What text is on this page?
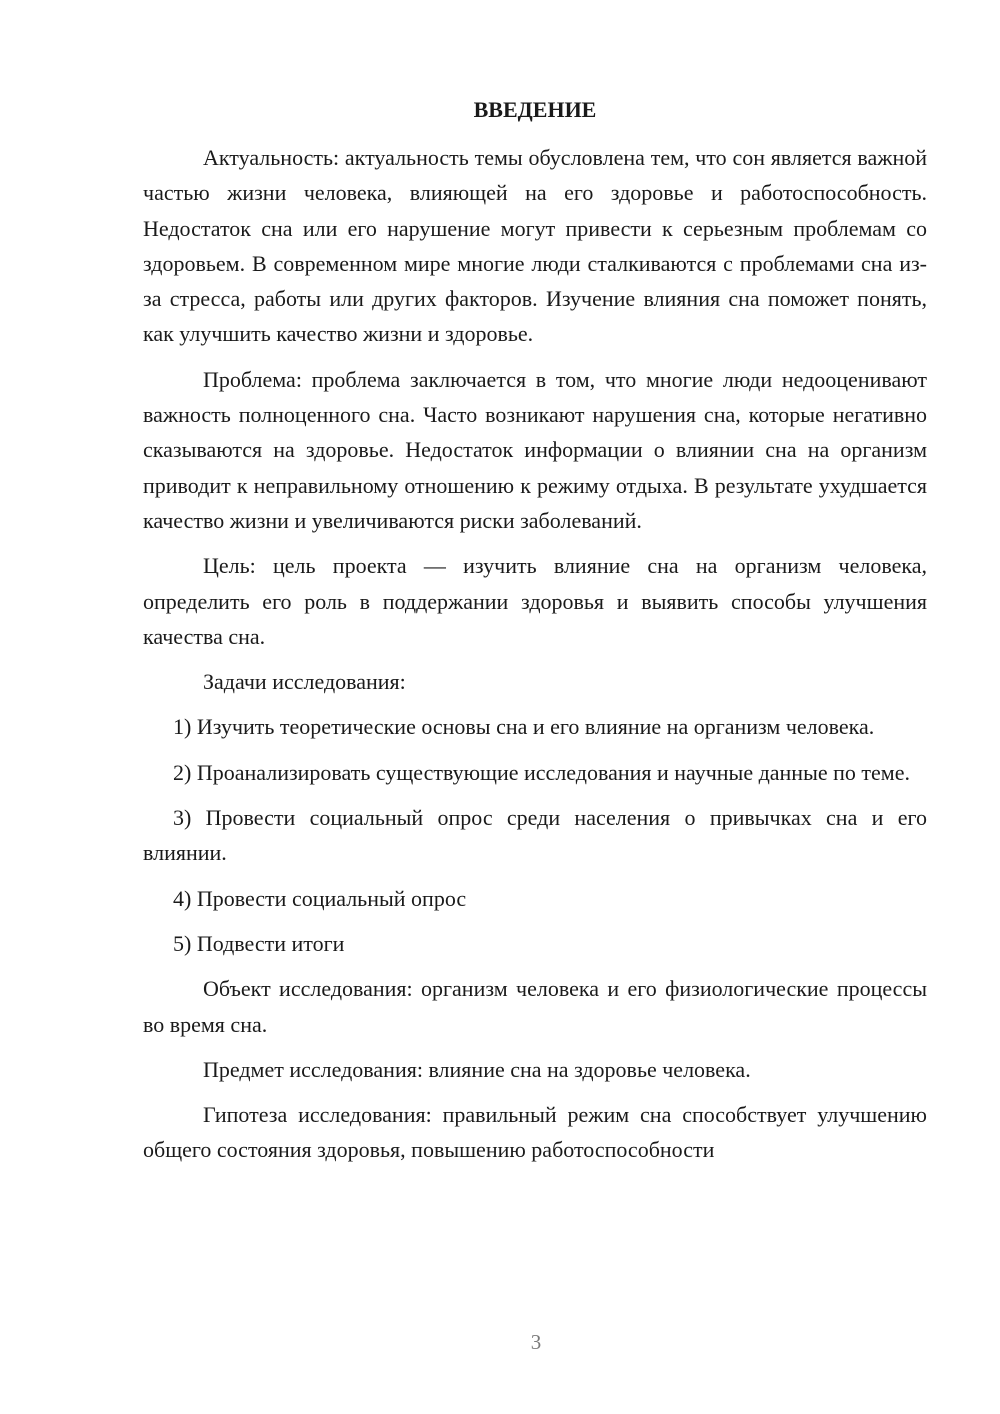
ВВЕДЕНИЕ

Актуальность: актуальность темы обусловлена тем, что сон является важной частью жизни человека, влияющей на его здоровье и работоспособность. Недостаток сна или его нарушение могут привести к серьезным проблемам со здоровьем. В современном мире многие люди сталкиваются с проблемами сна из-за стресса, работы или других факторов. Изучение влияния сна поможет понять, как улучшить качество жизни и здоровье.

Проблема: проблема заключается в том, что многие люди недооценивают важность полноценного сна. Часто возникают нарушения сна, которые негативно сказываются на здоровье. Недостаток информации о влиянии сна на организм приводит к неправильному отношению к режиму отдыха. В результате ухудшается качество жизни и увеличиваются риски заболеваний.

Цель: цель проекта — изучить влияние сна на организм человека, определить его роль в поддержании здоровья и выявить способы улучшения качества сна.

Задачи исследования:

1) Изучить теоретические основы сна и его влияние на организм человека.

2) Проанализировать существующие исследования и научные данные по теме.

3) Провести социальный опрос среди населения о привычках сна и его влиянии.

4) Провести социальный опрос

5) Подвести итоги

Объект исследования: организм человека и его физиологические процессы во время сна.

Предмет исследования: влияние сна на здоровье человека.

Гипотеза исследования: правильный режим сна способствует улучшению общего состояния здоровья, повышению работоспособности

3
